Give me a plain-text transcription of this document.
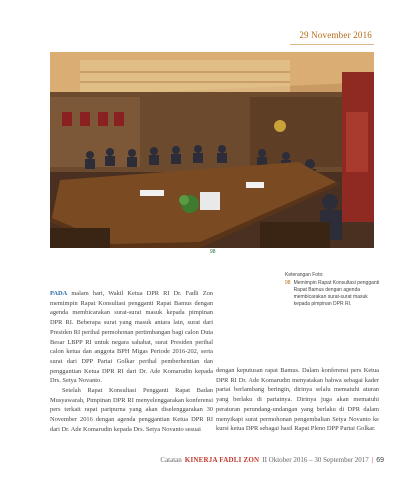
29 November 2016
98
Keterangan Foto:
98 Memimpin Rapat Konsultasi pengganti Rapat Bamus dengan agenda membicarakan surat-surat masuk kepada pimpinan DPR RI.

PADA malam hari, Wakil Ketua DPR RI Dr. Fadli Zon memimpin Rapat Konsultasi pengganti Rapat Bamus dengan agenda membicarakan surat-surat masuk kepada pimpinan DPR RI. Beberapa surat yang masuk antara lain, surat dari Presiden RI perihal permohonan pertimbangan bagi calon Duta Besar LBPP RI untuk negara sahabat, surat Presiden perihal calon ketua dan anggota BPH Migas Periode 2016-202, serta surat dari DPP Partai Golkar perihal pemberhentian dan penggantian Ketua DPR RI dari Dr. Ade Komarudin kepada Drs. Setya Novanto.

Setelah Rapat Konsultasi Pengganti Rapat Badan Musyawarah, Pimpinan DPR RI menyelenggarakan konferensi pers terkait rapat paripurna yang akan diselenggarakan 30 November 2016 dengan agenda penggantian Ketua DPR RI dari Dr. Ade Komarudin kepada Drs. Setya Novanto sesuai

dengan keputusan rapat Bamus. Dalam konferensi pers Ketua DPR RI Dr. Ade Komarudin menyatakan bahwa sebagai kader partai berlambang beringin, dirinya selalu mematuhi aturan yang berlaku di partainya. Dirinya juga akan mematuhi peraturan perundang-undangan yang berlaku di DPR dalam menyikapi surat permohonan pengembalian Setya Novanto ke kursi ketua DPR sebagai hasil Rapat Pleno DPP Partai Golkar.

Catatan KINERJA FADLI ZON II Oktober 2016 – 30 September 2017 | 69
